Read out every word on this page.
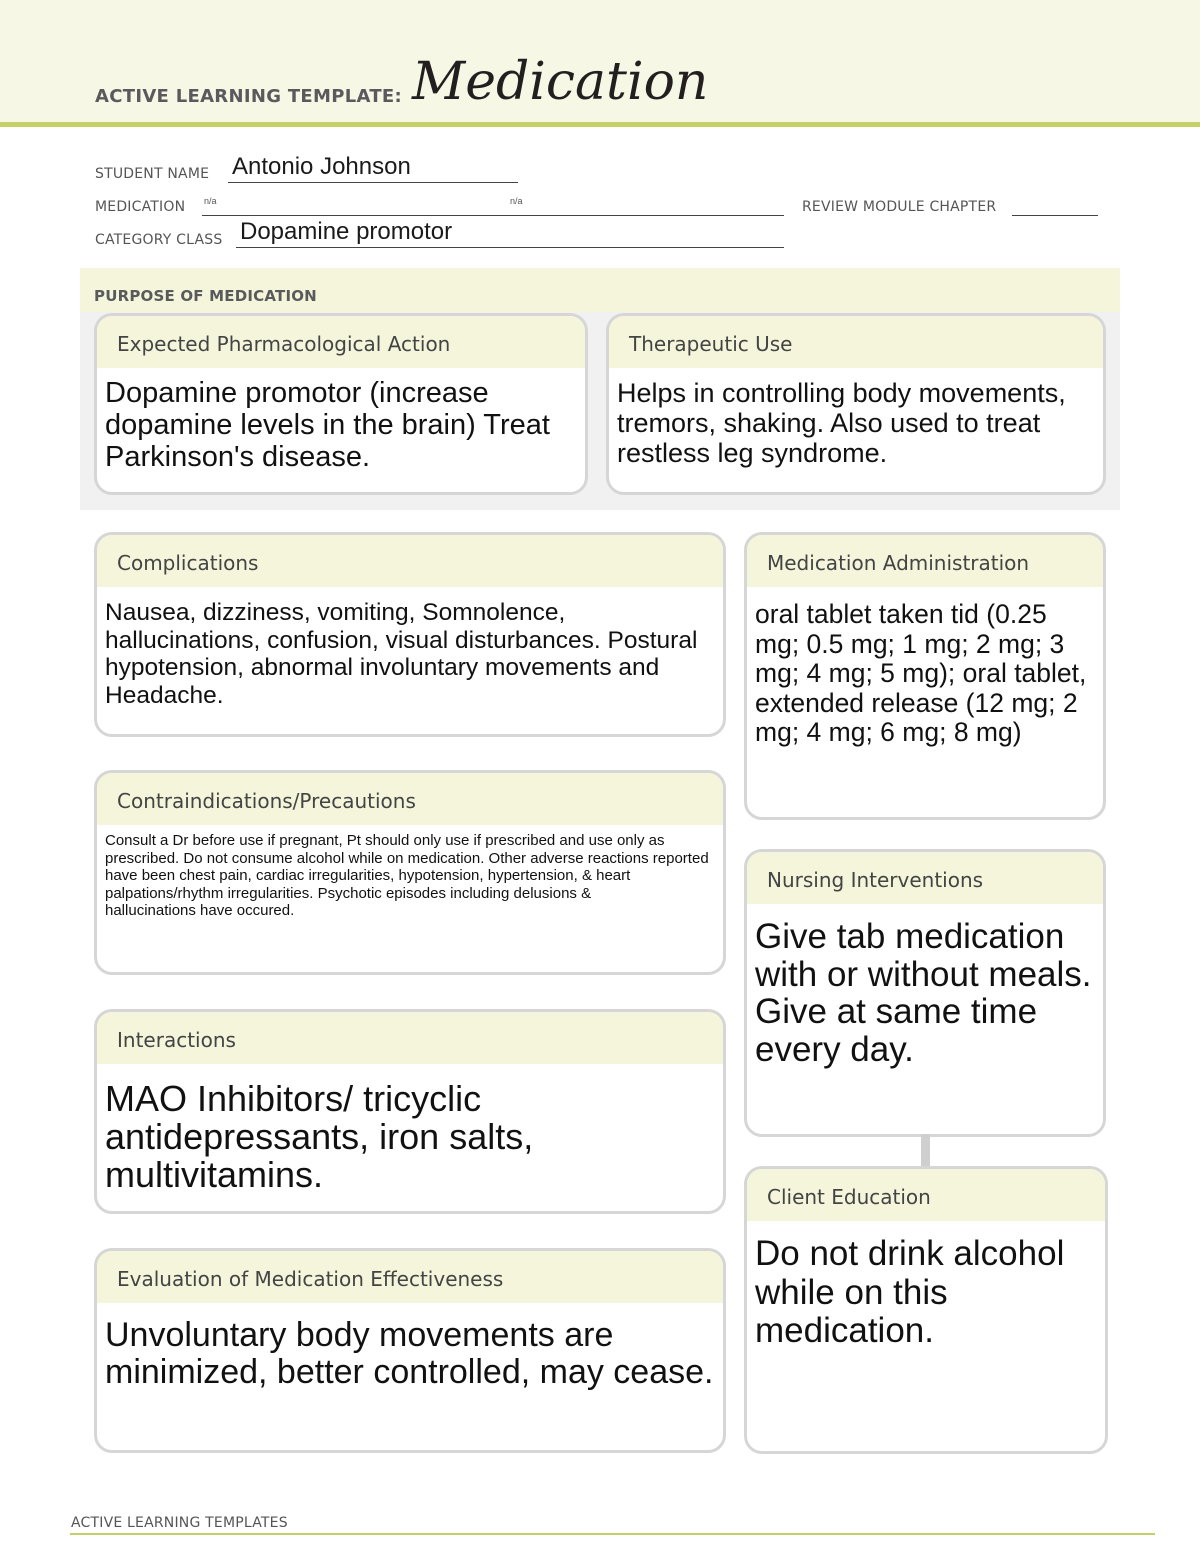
ACTIVE LEARNING TEMPLATE: Medication
STUDENT NAME Antonio Johnson
MEDICATION n/a	n/a	REVIEW MODULE CHAPTER
CATEGORY CLASS Dopamine promotor
PURPOSE OF MEDICATION
Expected Pharmacological Action
Dopamine promotor (increase dopamine levels in the brain) Treat Parkinson's disease.
Therapeutic Use
Helps in controlling body movements, tremors, shaking. Also used to treat restless leg syndrome.
Complications
Nausea, dizziness, vomiting, Somnolence, hallucinations, confusion, visual disturbances. Postural hypotension, abnormal involuntary movements and Headache.
Contraindications/Precautions
Consult a Dr before use if pregnant, Pt should only use if prescribed and use only as prescribed. Do not consume alcohol while on medication. Other adverse reactions reported have been chest pain, cardiac irregularities, hypotension, hypertension, & heart palpations/rhythm irregularities. Psychotic episodes including delusions &
hallucinations have occured.
Interactions
MAO Inhibitors/ tricyclic antidepressants, iron salts, multivitamins.
Evaluation of Medication Effectiveness
Unvoluntary body movements are minimized, better controlled, may cease.
Medication Administration
oral tablet taken tid (0.25 mg; 0.5 mg; 1 mg; 2 mg; 3 mg; 4 mg; 5 mg); oral tablet, extended release (12 mg; 2 mg; 4 mg; 6 mg; 8 mg)
Nursing Interventions
Give tab medication with or without meals. Give at same time every day.
Client Education
Do not drink alcohol while on this medication.
ACTIVE LEARNING TEMPLATES
